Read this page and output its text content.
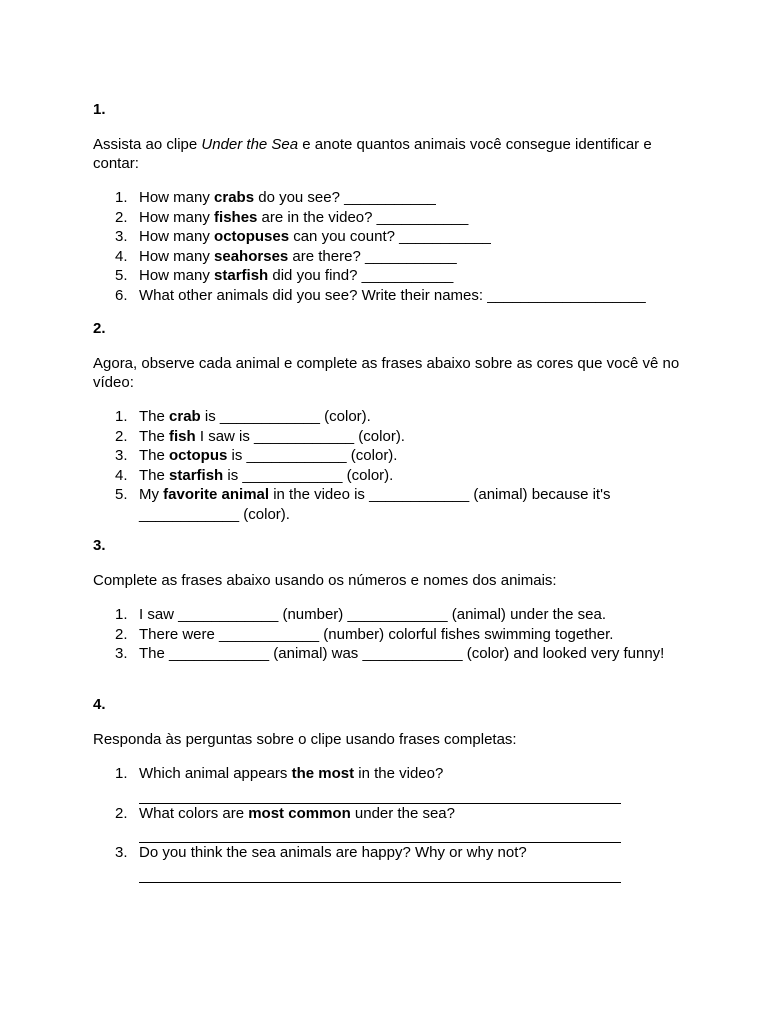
1.
Assista ao clipe Under the Sea e anote quantos animais você consegue identificar e contar:
1. How many crabs do you see? ___________
2. How many fishes are in the video? ___________
3. How many octopuses can you count? ___________
4. How many seahorses are there? ___________
5. How many starfish did you find? ___________
6. What other animals did you see? Write their names: ___________________
2.
Agora, observe cada animal e complete as frases abaixo sobre as cores que você vê no vídeo:
1. The crab is ____________ (color).
2. The fish I saw is ____________ (color).
3. The octopus is ____________ (color).
4. The starfish is ____________ (color).
5. My favorite animal in the video is ____________ (animal) because it's ____________ (color).
3.
Complete as frases abaixo usando os números e nomes dos animais:
1. I saw ____________ (number) ____________ (animal) under the sea.
2. There were ____________ (number) colorful fishes swimming together.
3. The ____________ (animal) was ____________ (color) and looked very funny!
4.
Responda às perguntas sobre o clipe usando frases completas:
1. Which animal appears the most in the video?
2. What colors are most common under the sea?
3. Do you think the sea animals are happy? Why or why not?
